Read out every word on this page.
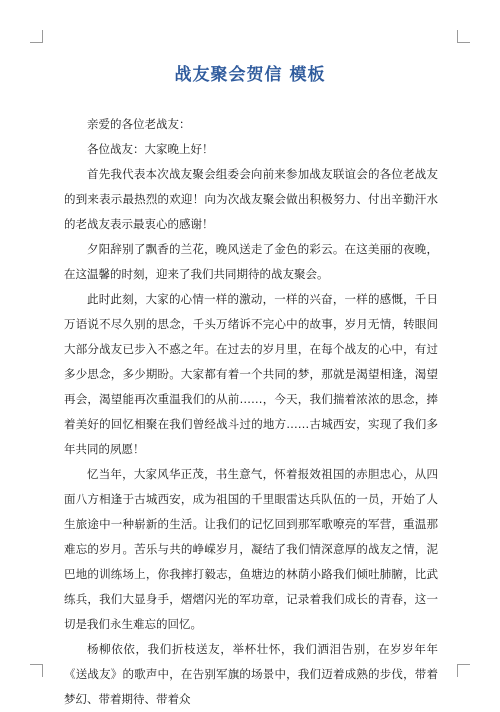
战友聚会贺信 模板

亲爱的各位老战友：

各位战友：大家晚上好！

首先我代表本次战友聚会组委会向前来参加战友联谊会的各位老战友的到来表示最热烈的欢迎！向为次战友聚会做出积极努力、付出辛勤汗水的老战友表示最衷心的感谢！

夕阳辞别了飘香的兰花，晚风送走了金色的彩云。在这美丽的夜晚，在这温馨的时刻，迎来了我们共同期待的战友聚会。

此时此刻，大家的心情一样的激动，一样的兴奋，一样的感慨，千日万语说不尽久别的思念，千头万绪诉不完心中的故事，岁月无情，转眼间大部分战友已步入不惑之年。在过去的岁月里，在每个战友的心中，有过多少思念，多少期盼。大家都有着一个共同的梦，那就是渴望相逢，渴望再会，渴望能再次重温我们的从前……，今天，我们揣着浓浓的思念，捧着美好的回忆相聚在我们曾经战斗过的地方……古城西安，实现了我们多年共同的夙愿！

忆当年，大家风华正茂，书生意气，怀着报效祖国的赤胆忠心，从四面八方相逢于古城西安，成为祖国的千里眼雷达兵队伍的一员，开始了人生旅途中一种崭新的生活。让我们的记忆回到那军歌嘹亮的军营，重温那难忘的岁月。苦乐与共的峥嵘岁月，凝结了我们情深意厚的战友之情，泥巴地的训练场上，你我摔打毅志，鱼塘边的林荫小路我们倾吐肺腑，比武练兵，我们大显身手，熠熠闪光的军功章，记录着我们成长的青春，这一切是我们永生难忘的回忆。

杨柳依依，我们折枝送友，举杯壮怀，我们洒泪告别，在岁岁年年《送战友》的歌声中，在告别军旗的场景中，我们迈着成熟的步伐，带着梦幻、带着期待、带着众
